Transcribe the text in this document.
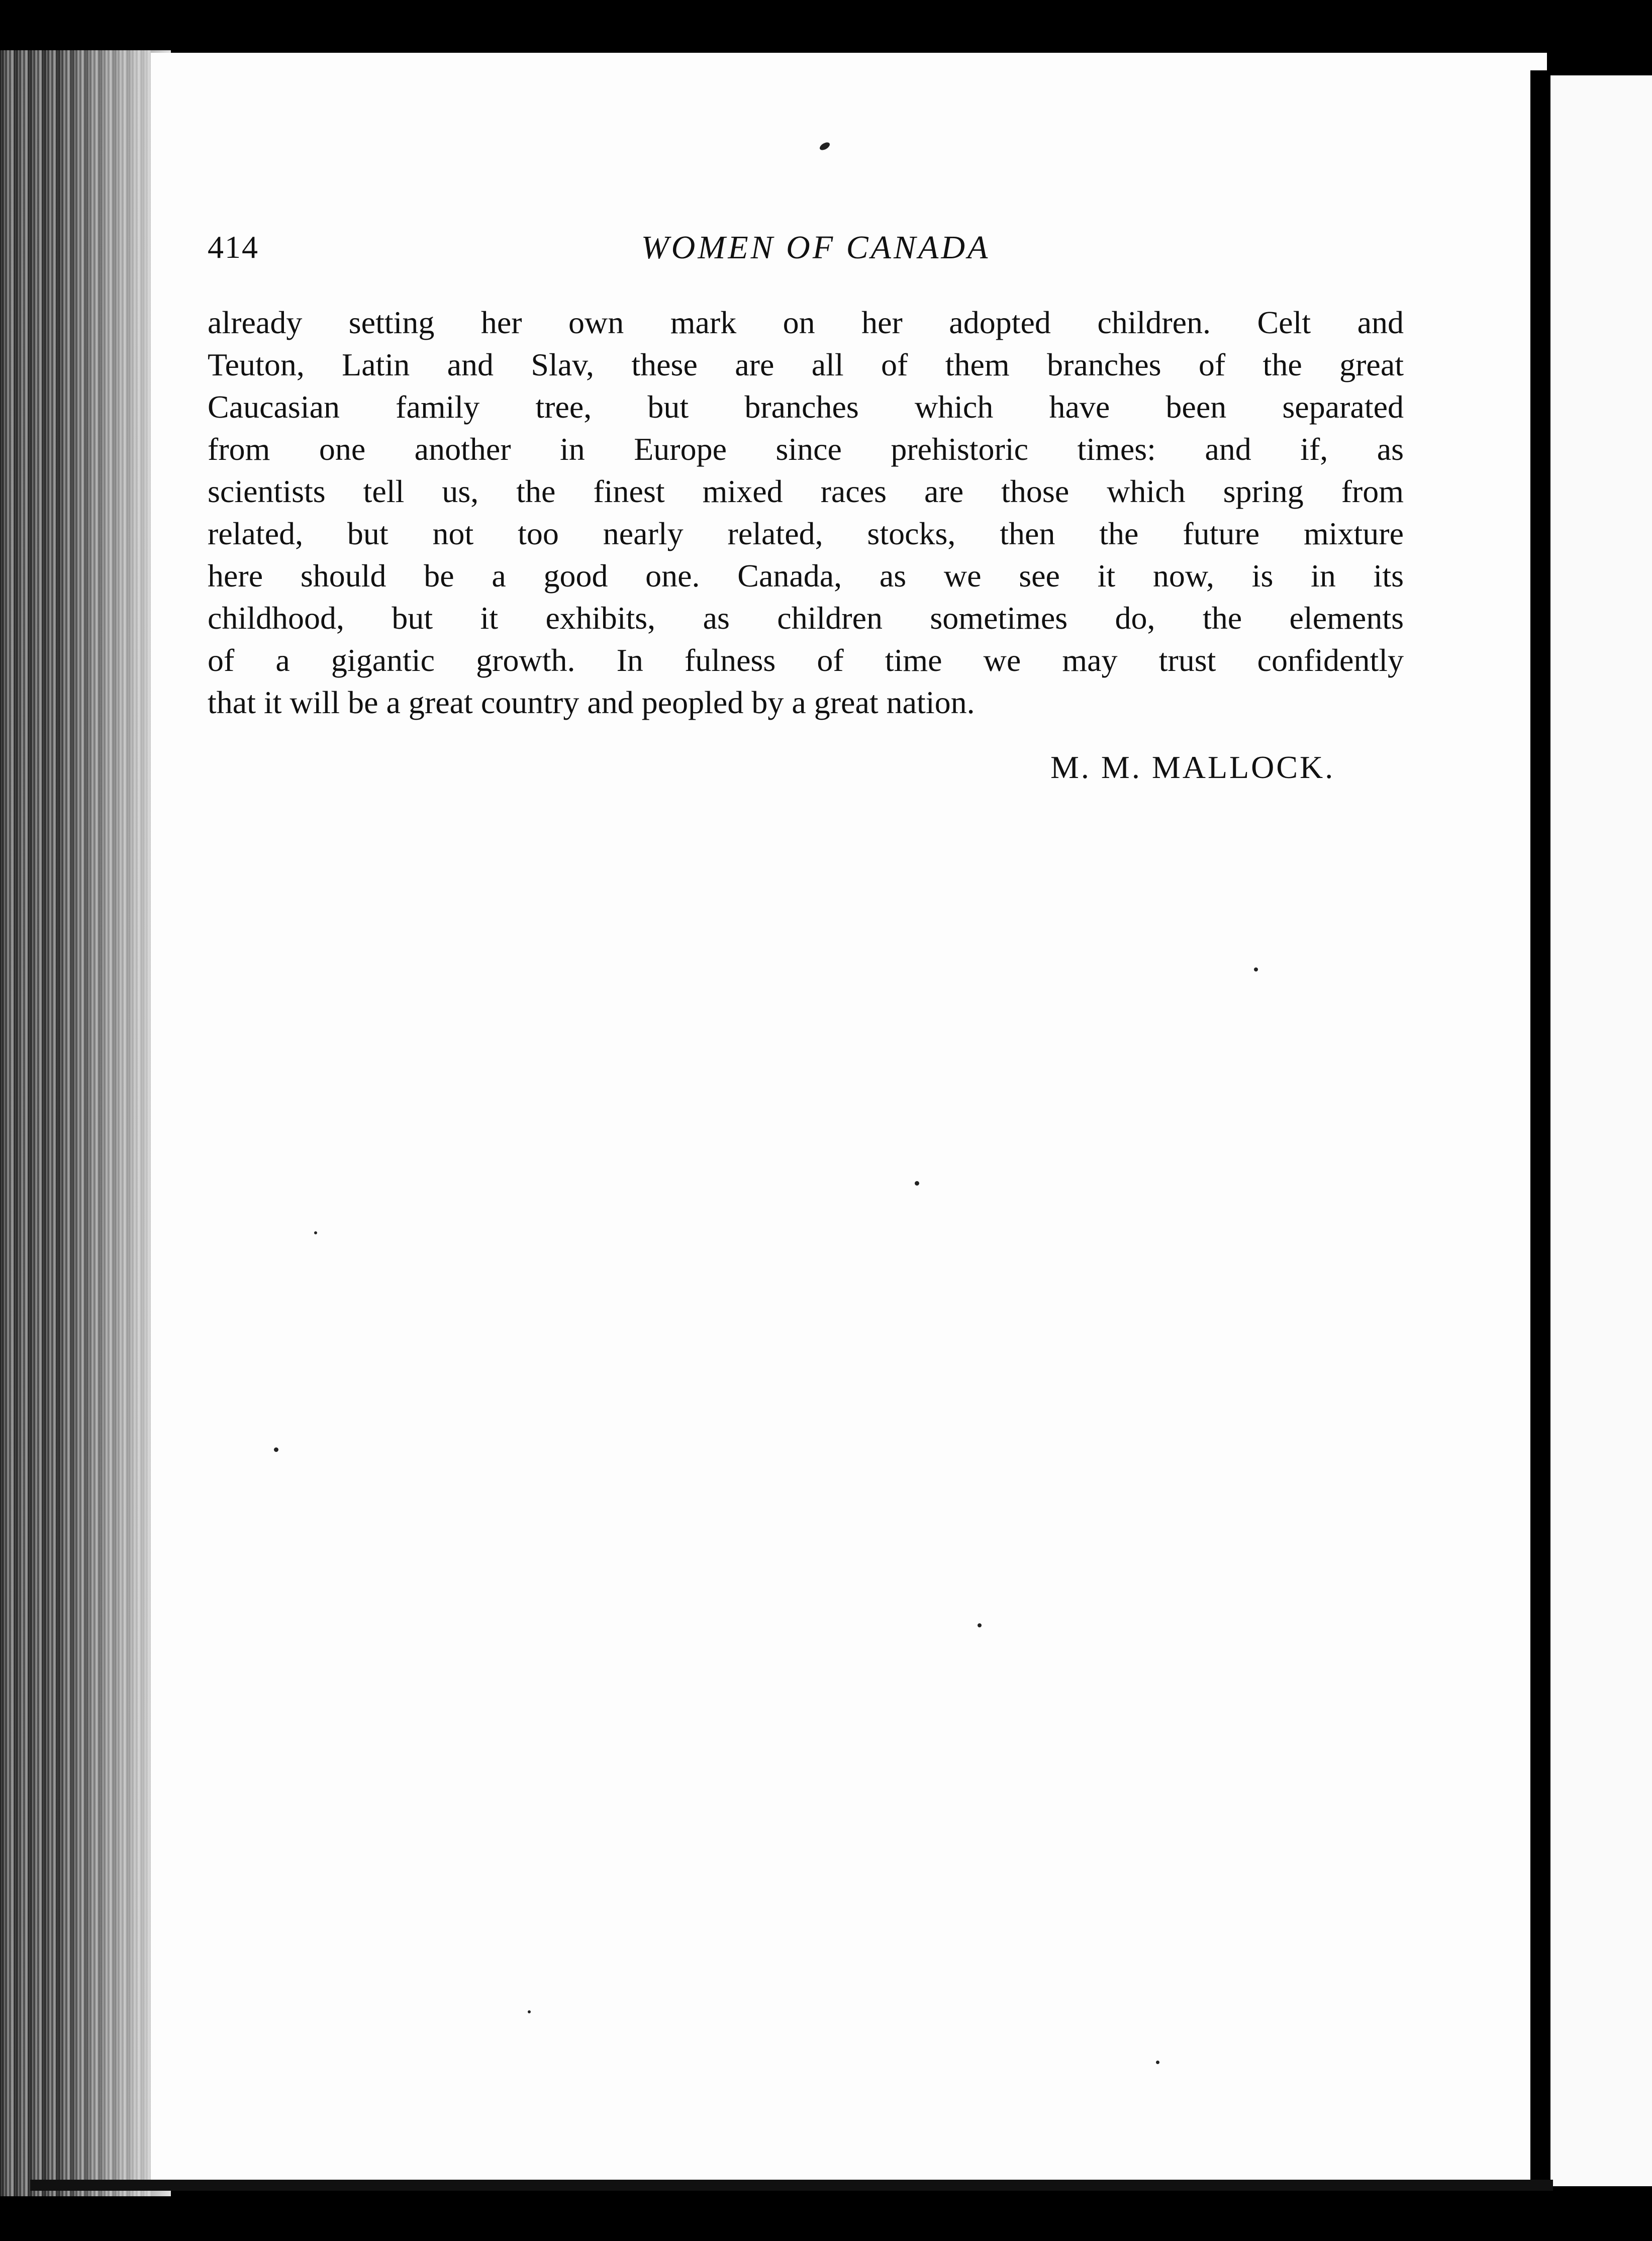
414	WOMEN OF CANADA
already setting her own mark on her adopted children. Celt and
Teuton, Latin and Slav, these are all of them branches of the great
Caucasian family tree, but branches which have been separated
from one another in Europe since prehistoric times: and if, as
scientists tell us, the finest mixed races are those which spring from
related, but not too nearly related, stocks, then the future mixture
here should be a good one. Canada, as we see it now, is in its
childhood, but it exhibits, as children sometimes do, the elements
of a gigantic growth. In fulness of time we may trust confidently
that it will be a great country and peopled by a great nation.
M. M. MALLOCK.
